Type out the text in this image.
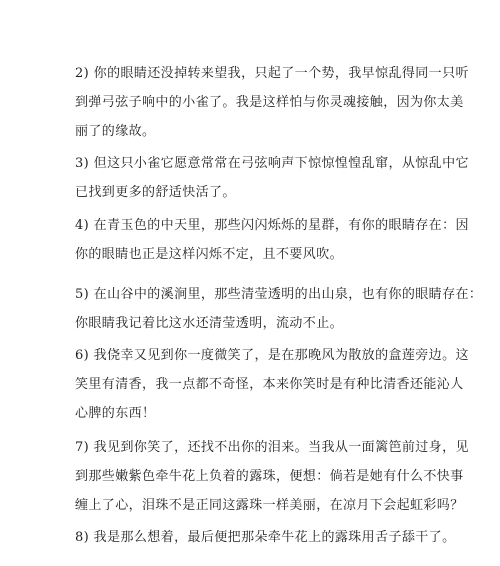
2) 你的眼睛还没掉转来望我，只起了一个势，我早惊乱得同一只听
到弹弓弦子响中的小雀了。我是这样怕与你灵魂接触，因为你太美
丽了的缘故。

3) 但这只小雀它愿意常常在弓弦响声下惊惊惶惶乱窜，从惊乱中它
已找到更多的舒适快活了。

4) 在青玉色的中天里，那些闪闪烁烁的星群，有你的眼睛存在：因
你的眼睛也正是这样闪烁不定，且不要风吹。

5) 在山谷中的溪涧里，那些清莹透明的出山泉，也有你的眼睛存在：
你眼睛我记着比这水还清莹透明，流动不止。

6) 我侥幸又见到你一度微笑了，是在那晚风为散放的盒莲旁边。这
笑里有清香，我一点都不奇怪，本来你笑时是有种比清香还能沁人
心脾的东西！

7) 我见到你笑了，还找不出你的泪来。当我从一面篱笆前过身，见
到那些嫩紫色牵牛花上负着的露珠，便想：倘若是她有什么不快事
缠上了心，泪珠不是正同这露珠一样美丽，在凉月下会起虹彩吗？

8) 我是那么想着，最后便把那朵牵牛花上的露珠用舌子舔干了。
